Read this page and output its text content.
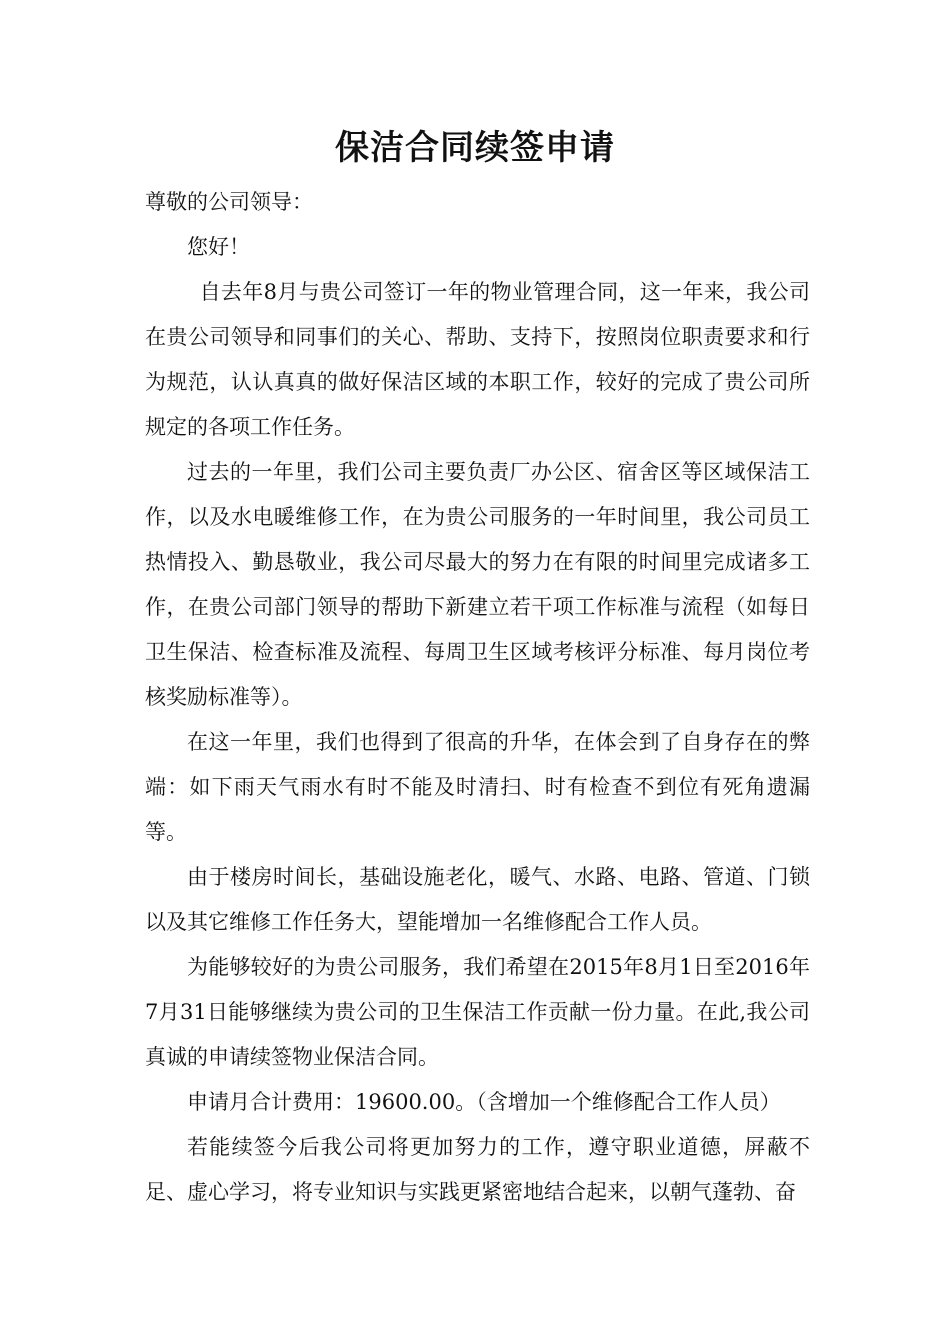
保洁合同续签申请

尊敬的公司领导：

您好！

自去年8月与贵公司签订一年的物业管理合同，这一年来，我公司在贵公司领导和同事们的关心、帮助、支持下，按照岗位职责要求和行为规范，认认真真的做好保洁区域的本职工作，较好的完成了贵公司所规定的各项工作任务。

过去的一年里，我们公司主要负责厂办公区、宿舍区等区域保洁工作，以及水电暖维修工作，在为贵公司服务的一年时间里，我公司员工热情投入、勤恳敬业，我公司尽最大的努力在有限的时间里完成诸多工作，在贵公司部门领导的帮助下新建立若干项工作标准与流程（如每日卫生保洁、检查标准及流程、每周卫生区域考核评分标准、每月岗位考核奖励标准等）。

在这一年里，我们也得到了很高的升华，在体会到了自身存在的弊端：如下雨天气雨水有时不能及时清扫、时有检查不到位有死角遗漏等。

由于楼房时间长，基础设施老化，暖气、水路、电路、管道、门锁以及其它维修工作任务大，望能增加一名维修配合工作人员。

为能够较好的为贵公司服务，我们希望在2015年8月1日至2016年7月31日能够继续为贵公司的卫生保洁工作贡献一份力量。在此,我公司真诚的申请续签物业保洁合同。

申请月合计费用：19600.00。（含增加一个维修配合工作人员）

若能续签今后我公司将更加努力的工作，遵守职业道德，屏蔽不足、虚心学习，将专业知识与实践更紧密地结合起来，以朝气蓬勃、奋
